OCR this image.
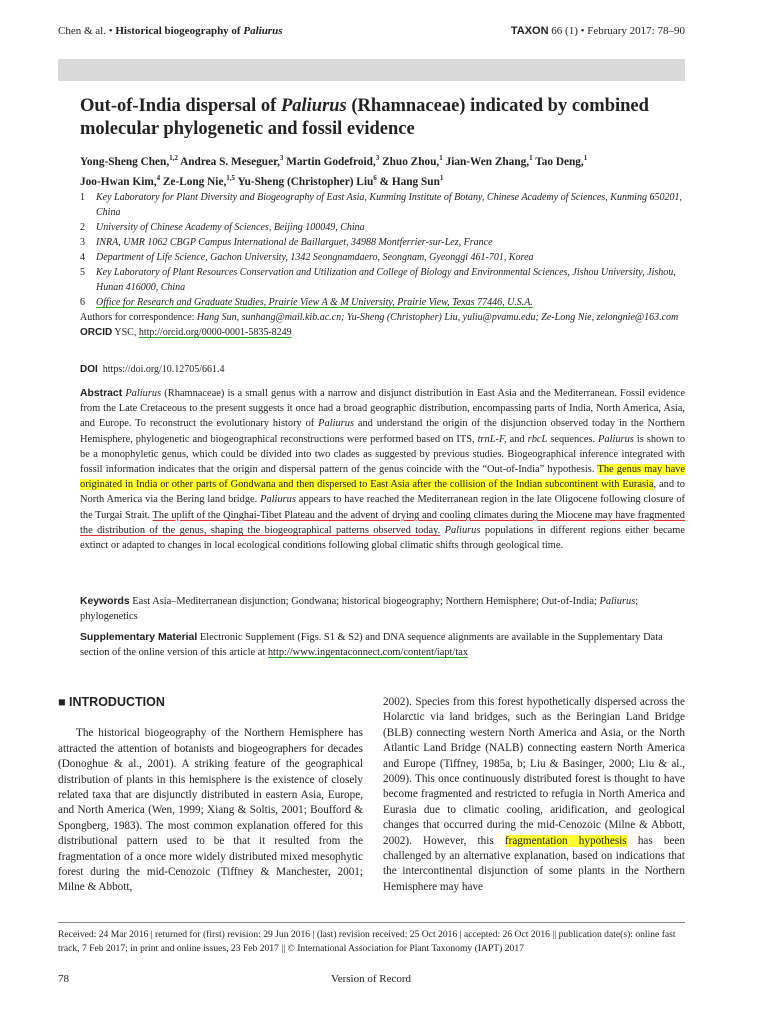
Chen & al. • Historical biogeography of Paliurus	TAXON 66 (1) • February 2017: 78–90
Out-of-India dispersal of Paliurus (Rhamnaceae) indicated by combined molecular phylogenetic and fossil evidence
Yong-Sheng Chen,$^{1,2}$ Andrea S. Meseguer,$^3$ Martin Godefroid,$^3$ Zhuo Zhou,$^1$ Jian-Wen Zhang,$^1$ Tao Deng,$^1$
Joo-Hwan Kim,$^4$ Ze-Long Nie,$^{1,5}$ Yu-Sheng (Christopher) Liu$^6$ & Hang Sun$^1$
1 Key Laboratory for Plant Diversity and Biogeography of East Asia, Kunming Institute of Botany, Chinese Academy of Sciences, Kunming 650201, China
2 University of Chinese Academy of Sciences, Beijing 100049, China
3 INRA, UMR 1062 CBGP Campus International de Baillarguet, 34988 Montferrier-sur-Lez, France
4 Department of Life Science, Gachon University, 1342 Seongnamdaero, Seongnam, Gyeonggi 461-701, Korea
5 Key Laboratory of Plant Resources Conservation and Utilization and College of Biology and Environmental Sciences, Jishou University, Jishou, Hunan 416000, China
6 Office for Research and Graduate Studies, Prairie View A & M University, Prairie View, Texas 77446, U.S.A.
Authors for correspondence: Hang Sun, sunhang@mail.kib.ac.cn; Yu-Sheng (Christopher) Liu, yuliu@pvamu.edu; Ze-Long Nie, zelongnie@163.com
ORCID YSC, http://orcid.org/0000-0001-5835-8249
DOI https://doi.org/10.12705/661.4
Abstract Paliurus (Rhamnaceae) is a small genus with a narrow and disjunct distribution in East Asia and the Mediterranean. Fossil evidence from the Late Cretaceous to the present suggests it once had a broad geographic distribution, encompassing parts of India, North America, Asia, and Europe. To reconstruct the evolutionary history of Paliurus and understand the origin of the disjunction observed today in the Northern Hemisphere, phylogenetic and biogeographical reconstructions were performed based on ITS, trnL-F, and rbcL sequences. Paliurus is shown to be a monophyletic genus, which could be divided into two clades as suggested by previous studies. Biogeographical inference integrated with fossil information indicates that the origin and dispersal pattern of the genus coincide with the “Out-of-India” hypothesis. The genus may have originated in India or other parts of Gondwana and then dispersed to East Asia after the collision of the Indian subcontinent with Eurasia, and to North America via the Bering land bridge. Paliurus appears to have reached the Mediterranean region in the late Oligocene following closure of the Turgai Strait. The uplift of the Qinghai-Tibet Plateau and the advent of drying and cooling climates during the Miocene may have fragmented the distribution of the genus, shaping the biogeographical patterns observed today. Paliurus populations in different regions either became extinct or adapted to changes in local ecological conditions following global climatic shifts through geological time.
Keywords East Asia–Mediterranean disjunction; Gondwana; historical biogeography; Northern Hemisphere; Out-of-India; Paliurus; phylogenetics
Supplementary Material Electronic Supplement (Figs. S1 & S2) and DNA sequence alignments are available in the Supplementary Data section of the online version of this article at http://www.ingentaconnect.com/content/iapt/tax
■ INTRODUCTION
The historical biogeography of the Northern Hemisphere has attracted the attention of botanists and biogeographers for decades (Donoghue & al., 2001). A striking feature of the geographical distribution of plants in this hemisphere is the existence of closely related taxa that are disjunctly distributed in eastern Asia, Europe, and North America (Wen, 1999; Xiang & Soltis, 2001; Boufford & Spongberg, 1983). The most common explanation offered for this distributional pattern used to be that it resulted from the fragmentation of a once more widely distributed mixed mesophytic forest during the mid-Cenozoic (Tiffney & Manchester, 2001; Milne & Abbott,
2002). Species from this forest hypothetically dispersed across the Holarctic via land bridges, such as the Beringian Land Bridge (BLB) connecting western North America and Asia, or the North Atlantic Land Bridge (NALB) connecting eastern North America and Europe (Tiffney, 1985a, b; Liu & Basinger, 2000; Liu & al., 2009). This once continuously distributed forest is thought to have become fragmented and restricted to refugia in North America and Eurasia due to climatic cooling, aridification, and geological changes that occurred during the mid-Cenozoic (Milne & Abbott, 2002). However, this fragmentation hypothesis has been challenged by an alternative explanation, based on indications that the intercontinental disjunction of some plants in the Northern Hemisphere may have
Received: 24 Mar 2016 | returned for (first) revision: 29 Jun 2016 | (last) revision received: 25 Oct 2016 | accepted: 26 Oct 2016 || publication date(s): online fast track, 7 Feb 2017; in print and online issues, 23 Feb 2017 || © International Association for Plant Taxonomy (IAPT) 2017
78	Version of Record
